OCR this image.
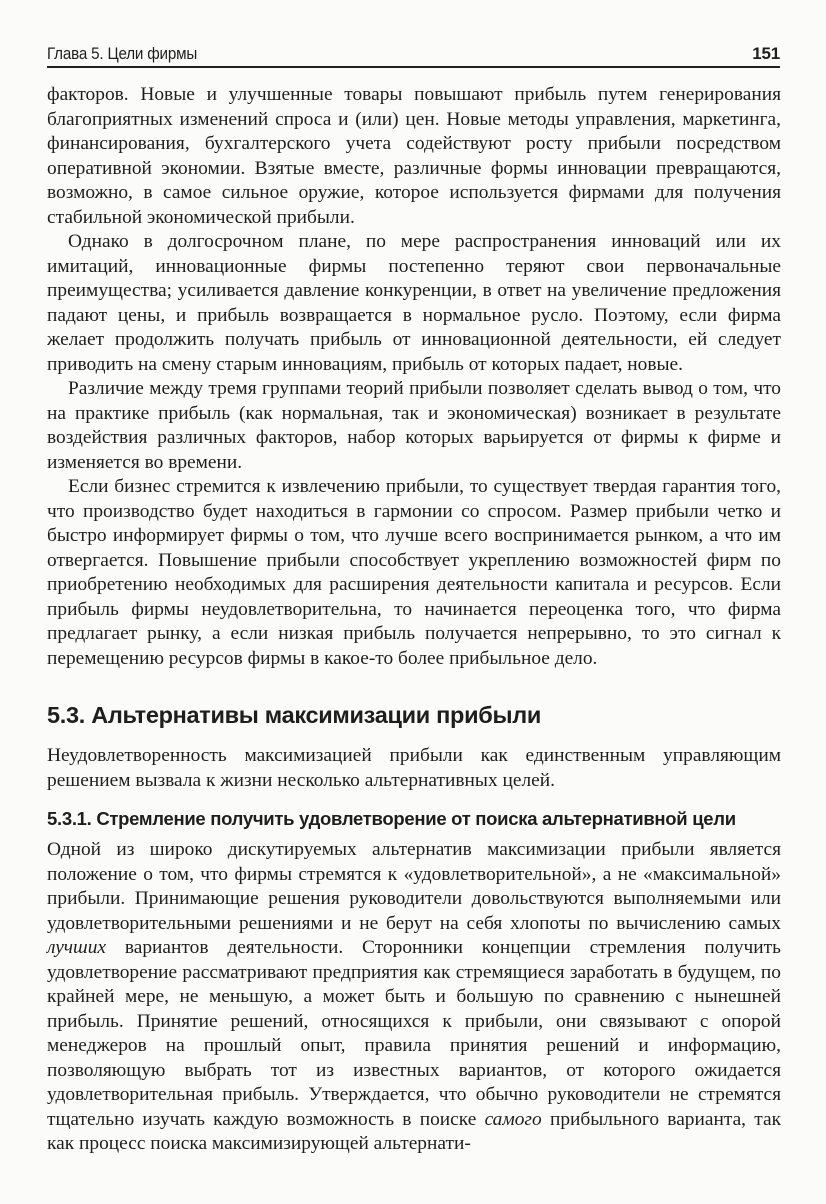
Глава 5. Цели фирмы	151

факторов. Новые и улучшенные товары повышают прибыль путем генерирования благоприятных изменений спроса и (или) цен. Новые методы управления, маркетинга, финансирования, бухгалтерского учета содействуют росту прибыли посредством оперативной экономии. Взятые вместе, различные формы инновации превращаются, возможно, в самое сильное оружие, которое используется фирмами для получения стабильной экономической прибыли.

Однако в долгосрочном плане, по мере распространения инноваций или их имитаций, инновационные фирмы постепенно теряют свои первоначальные преимущества; усиливается давление конкуренции, в ответ на увеличение предложения падают цены, и прибыль возвращается в нормальное русло. Поэтому, если фирма желает продолжить получать прибыль от инновационной деятельности, ей следует приводить на смену старым инновациям, прибыль от которых падает, новые.

Различие между тремя группами теорий прибыли позволяет сделать вывод о том, что на практике прибыль (как нормальная, так и экономическая) возникает в результате воздействия различных факторов, набор которых варьируется от фирмы к фирме и изменяется во времени.

Если бизнес стремится к извлечению прибыли, то существует твердая гарантия того, что производство будет находиться в гармонии со спросом. Размер прибыли четко и быстро информирует фирмы о том, что лучше всего воспринимается рынком, а что им отвергается. Повышение прибыли способствует укреплению возможностей фирм по приобретению необходимых для расширения деятельности капитала и ресурсов. Если прибыль фирмы неудовлетворительна, то начинается переоценка того, что фирма предлагает рынку, а если низкая прибыль получается непрерывно, то это сигнал к перемещению ресурсов фирмы в какое-то более прибыльное дело.

5.3. Альтернативы максимизации прибыли

Неудовлетворенность максимизацией прибыли как единственным управляющим решением вызвала к жизни несколько альтернативных целей.

5.3.1. Стремление получить удовлетворение от поиска альтернативной цели

Одной из широко дискутируемых альтернатив максимизации прибыли является положение о том, что фирмы стремятся к «удовлетворительной», а не «максимальной» прибыли. Принимающие решения руководители довольствуются выполняемыми или удовлетворительными решениями и не берут на себя хлопоты по вычислению самых лучших вариантов деятельности. Сторонники концепции стремления получить удовлетворение рассматривают предприятия как стремящиеся заработать в будущем, по крайней мере, не меньшую, а может быть и большую по сравнению с нынешней прибыль. Принятие решений, относящихся к прибыли, они связывают с опорой менеджеров на прошлый опыт, правила принятия решений и информацию, позволяющую выбрать тот из известных вариантов, от которого ожидается удовлетворительная прибыль. Утверждается, что обычно руководители не стремятся тщательно изучать каждую возможность в поиске самого прибыльного варианта, так как процесс поиска максимизирующей альтернати-
